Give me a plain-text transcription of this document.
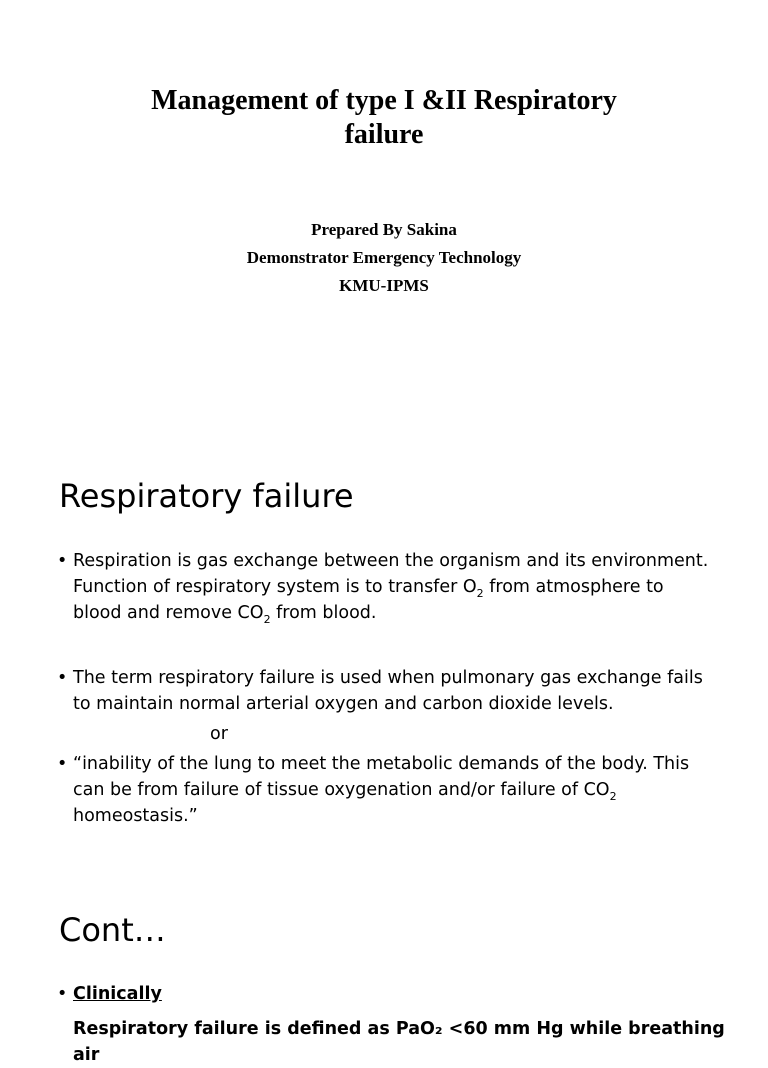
Management of type I &II Respiratory
failure

Prepared By Sakina

Demonstrator Emergency Technology

KMU-IPMS

Respiratory failure
• Respiration is gas exchange between the organism and its environment.
Function of respiratory system is to transfer $O_2$ from atmosphere to
blood and remove $CO_2$ from blood.
• The term respiratory failure is used when pulmonary gas exchange fails
to maintain normal arterial oxygen and carbon dioxide levels.
or
• “inability of the lung to meet the metabolic demands of the body. This
can be from failure of tissue oxygenation and/or failure of $CO_2$
homeostasis.”
Cont…
• Clinically
Respiratory failure is defined as PaO₂ <60 mm Hg while breathing air
